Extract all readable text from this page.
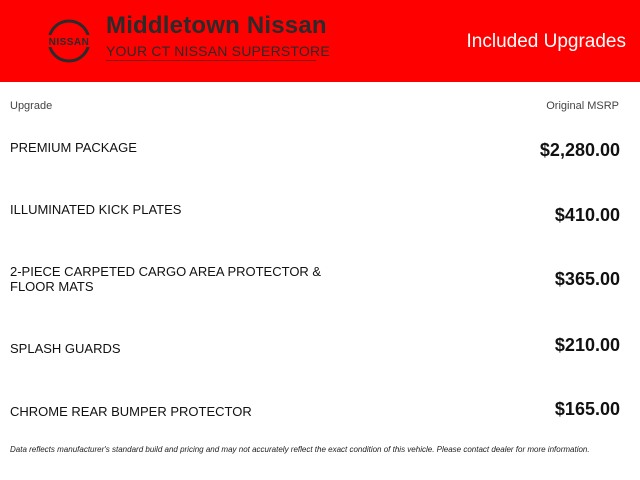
NISSAN
Middletown Nissan
YOUR CT NISSAN SUPERSTORE	Included Upgrades
Upgrade	Original MSRP
PREMIUM PACKAGE	$2,280.00
ILLUMINATED KICK PLATES	$410.00
2-PIECE CARPETED CARGO AREA PROTECTOR & FLOOR MATS	$365.00
SPLASH GUARDS	$210.00
CHROME REAR BUMPER PROTECTOR	$165.00
Data reflects manufacturer's standard build and pricing and may not accurately reflect the exact condition of this vehicle. Please contact dealer for more information.
